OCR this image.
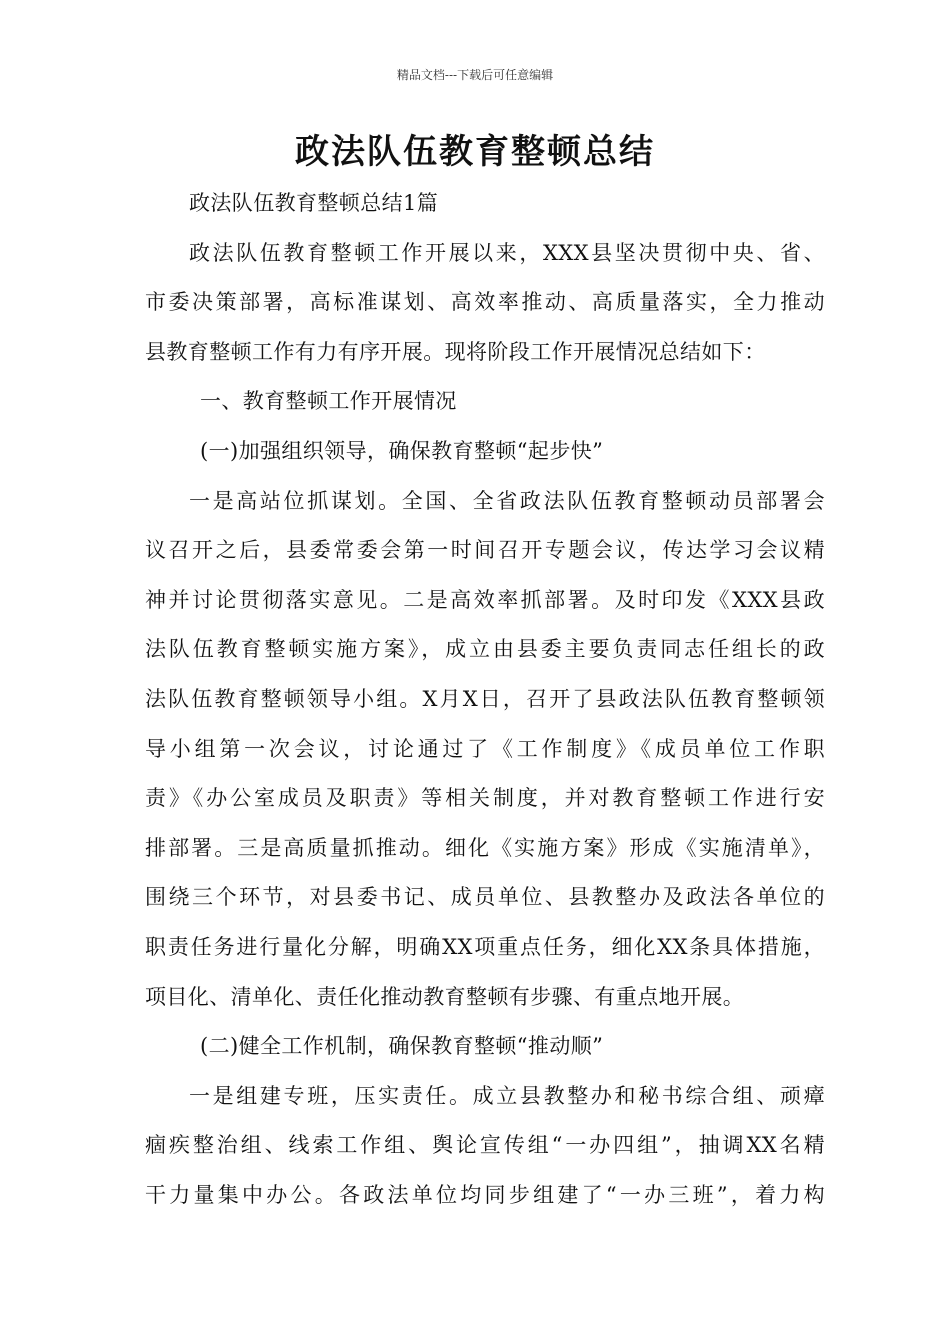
精品文档---下载后可任意编辑
政法队伍教育整顿总结
政法队伍教育整顿总结1篇
政法队伍教育整顿工作开展以来，XXX县坚决贯彻中央、省、
市委决策部署，高标准谋划、高效率推动、高质量落实，全力推动
县教育整顿工作有力有序开展。现将阶段工作开展情况总结如下：
一、教育整顿工作开展情况
(一)加强组织领导，确保教育整顿“起步快”
一是高站位抓谋划。全国、全省政法队伍教育整顿动员部署会
议召开之后，县委常委会第一时间召开专题会议，传达学习会议精
神并讨论贯彻落实意见。二是高效率抓部署。及时印发《XXX县政
法队伍教育整顿实施方案》，成立由县委主要负责同志任组长的政
法队伍教育整顿领导小组。X月X日，召开了县政法队伍教育整顿领
导小组第一次会议，讨论通过了《工作制度》《成员单位工作职
责》《办公室成员及职责》等相关制度，并对教育整顿工作进行安
排部署。三是高质量抓推动。细化《实施方案》形成《实施清单》，
围绕三个环节，对县委书记、成员单位、县教整办及政法各单位的
职责任务进行量化分解，明确XX项重点任务，细化XX条具体措施，
项目化、清单化、责任化推动教育整顿有步骤、有重点地开展。
(二)健全工作机制，确保教育整顿“推动顺”
一是组建专班，压实责任。成立县教整办和秘书综合组、顽瘴
痼疾整治组、线索工作组、舆论宣传组“一办四组”，抽调XX名精
干力量集中办公。各政法单位均同步组建了“一办三班”，着力构
